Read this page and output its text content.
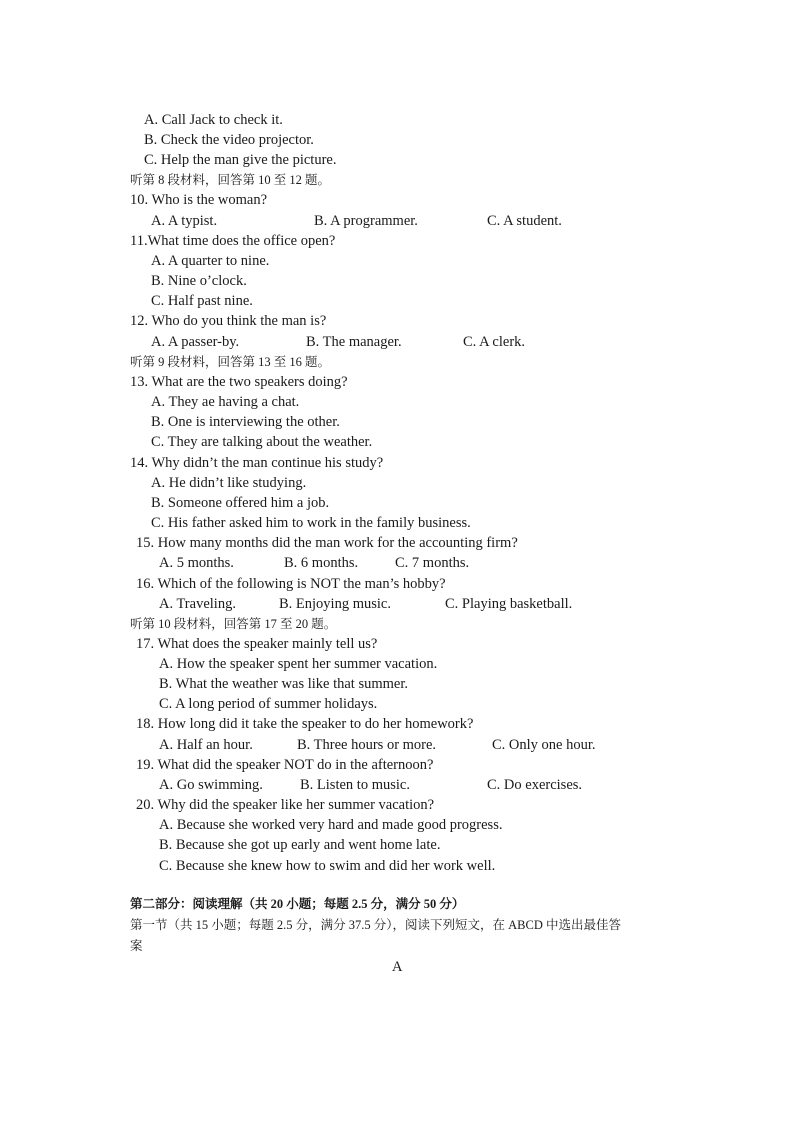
A. Call Jack to check it.
B. Check the video projector.
C. Help the man give the picture.
听第 8 段材料，回答第 10 至 12 题。
10. Who is the woman?
A. A typist.	B. A programmer.	C. A student.
11.What time does the office open?
A. A quarter to nine.
B. Nine o’clock.
C. Half past nine.
12. Who do you think the man is?
A. A passer-by.	B. The manager.	C. A clerk.
听第 9 段材料，回答第 13 至 16 题。
13. What are the two speakers doing?
A. They ae having a chat.
B. One is interviewing the other.
C. They are talking about the weather.
14. Why didn’t the man continue his study?
A. He didn’t like studying.
B. Someone offered him a job.
C. His father asked him to work in the family business.
15. How many months did the man work for the accounting firm?
A. 5 months.	B. 6 months.	C. 7 months.
16. Which of the following is NOT the man’s hobby?
A. Traveling.	B. Enjoying music.	C. Playing basketball.
听第 10 段材料，回答第 17 至 20 题。
17. What does the speaker mainly tell us?
A. How the speaker spent her summer vacation.
B. What the weather was like that summer.
C. A long period of summer holidays.
18. How long did it take the speaker to do her homework?
A. Half an hour.	B. Three hours or more.	C. Only one hour.
19. What did the speaker NOT do in the afternoon?
A. Go swimming.	B. Listen to music.	C. Do exercises.
20. Why did the speaker like her summer vacation?
A. Because she worked very hard and made good progress.
B. Because she got up early and went home late.
C. Because she knew how to swim and did her work well.
第二部分：阅读理解（共 20 小题；每题 2.5 分，满分 50 分）
第一节（共 15 小题；每题 2.5 分，满分 37.5 分），阅读下列短文，在 ABCD 中选出最佳答
案
A
